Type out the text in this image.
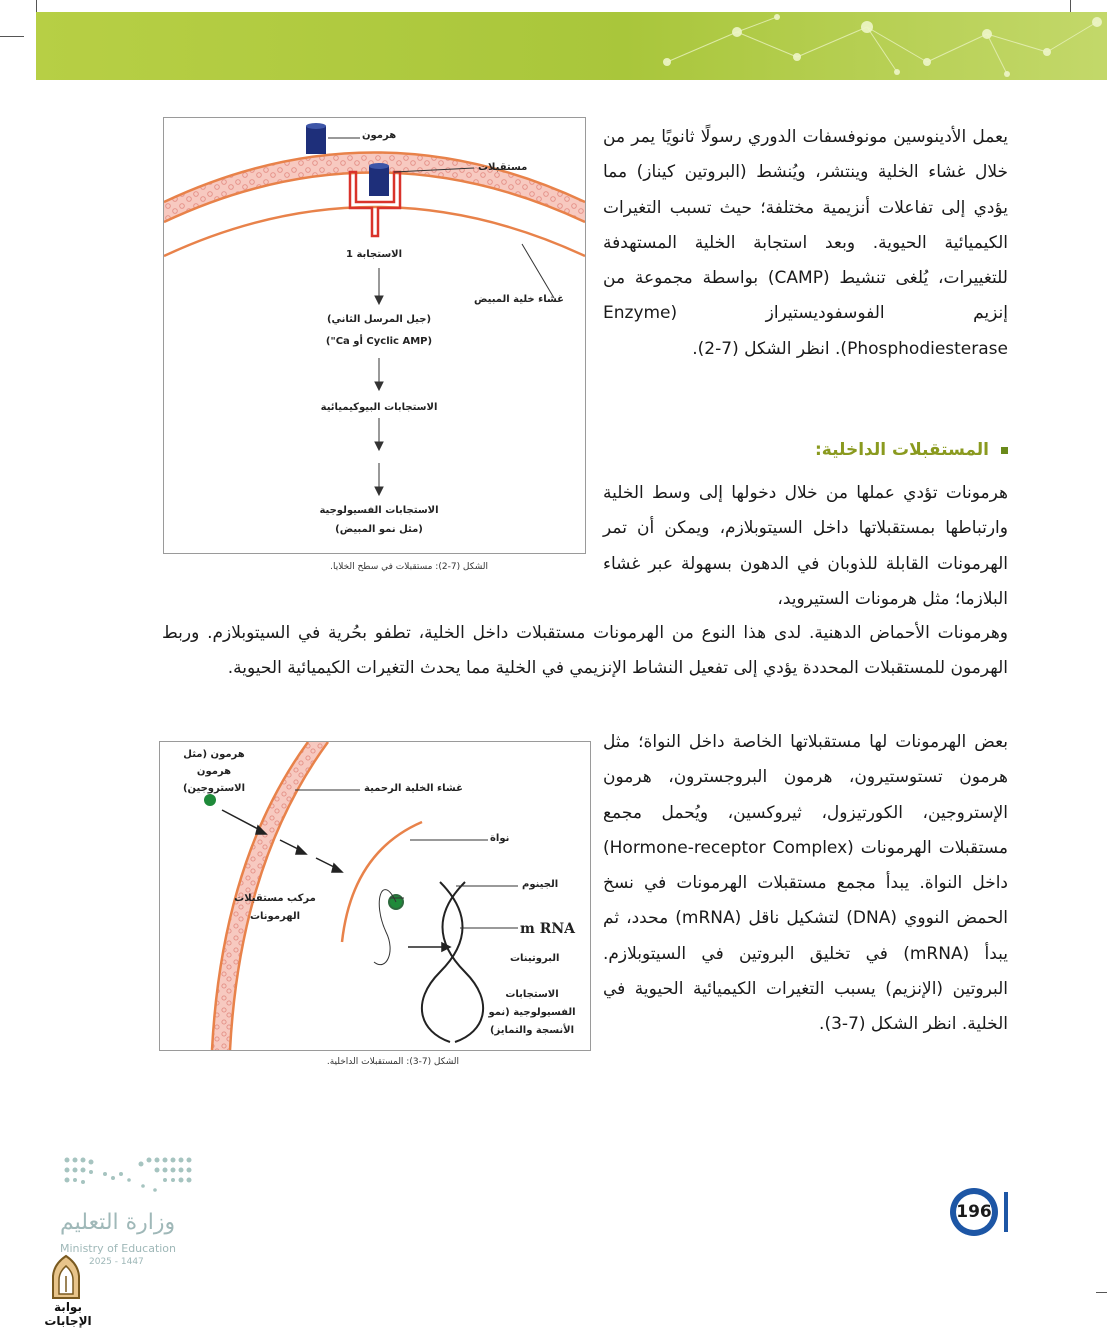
يعمل الأدينوسين مونوفسفات الدوري رسولًا ثانويًا يمر من خلال غشاء الخلية وينتشر، ويُنشط (البروتين كيناز) مما يؤدي إلى تفاعلات أنزيمية مختلفة؛ حيث تسبب التغيرات الكيميائية الحيوية. وبعد استجابة الخلية المستهدفة للتغييرات، يُلغى تنشيط (CAMP) بواسطة مجموعة من إنزيم الفوسفوديستيراز (Enzyme Phosphodiesterase). انظر الشكل (7-2).

المستقبلات الداخلية:

هرمونات تؤدي عملها من خلال دخولها إلى وسط الخلية وارتباطها بمستقبلاتها داخل السيتوبلازم، ويمكن أن تمر الهرمونات القابلة للذوبان في الدهون بسهولة عبر غشاء البلازما؛ مثل هرمونات الستيرويد،

وهرمونات الأحماض الدهنية. لدى هذا النوع من الهرمونات مستقبلات داخل الخلية، تطفو بحُرية في السيتوبلازم. وربط الهرمون للمستقبلات المحددة يؤدي إلى تفعيل النشاط الإنزيمي في الخلية مما يحدث التغيرات الكيميائية الحيوية.

بعض الهرمونات لها مستقبلاتها الخاصة داخل النواة؛ مثل هرمون تستوستيرون، هرمون البروجسترون، هرمون الإستروجين، الكورتيزول، ثيروكسين، ويُحمل مجمع مستقبلات الهرمونات (Hormone-receptor Complex) داخل النواة. يبدأ مجمع مستقبلات الهرمونات في نسخ الحمض النووي (DNA) لتشكيل ناقل (mRNA) محدد، ثم يبدأ (mRNA) في تخليق البروتين في السيتوبلازم. البروتين (الإنزيم) يسبب التغيرات الكيميائية الحيوية في الخلية. انظر الشكل (7-3).

هرمون
مستقبلات
الاستجابة 1
غشاء خلية المبيض
(جيل المرسل الثاني)
(Cyclic AMP أو Ca")
الاستجابات البيوكيميائية
الاستجابات الفسيولوجية
(مثل نمو المبيض)
الشكل (7-2): مستقبلات في سطح الخلايا.
هرمون (مثل هرمون الاستروجين)	غشاء الخلية الرحمية
نواة
الجينوم
مركب مستقبلات الهرمونات
m RNA
البروتينات
الاستجابات الفسيولوجية (نمو الأنسجة والتمايز)
الشكل (7-3): المستقبلات الداخلية.
196
وزارة التعليم
Ministry of Education
2025 - 1447
بوابة الإجابات
